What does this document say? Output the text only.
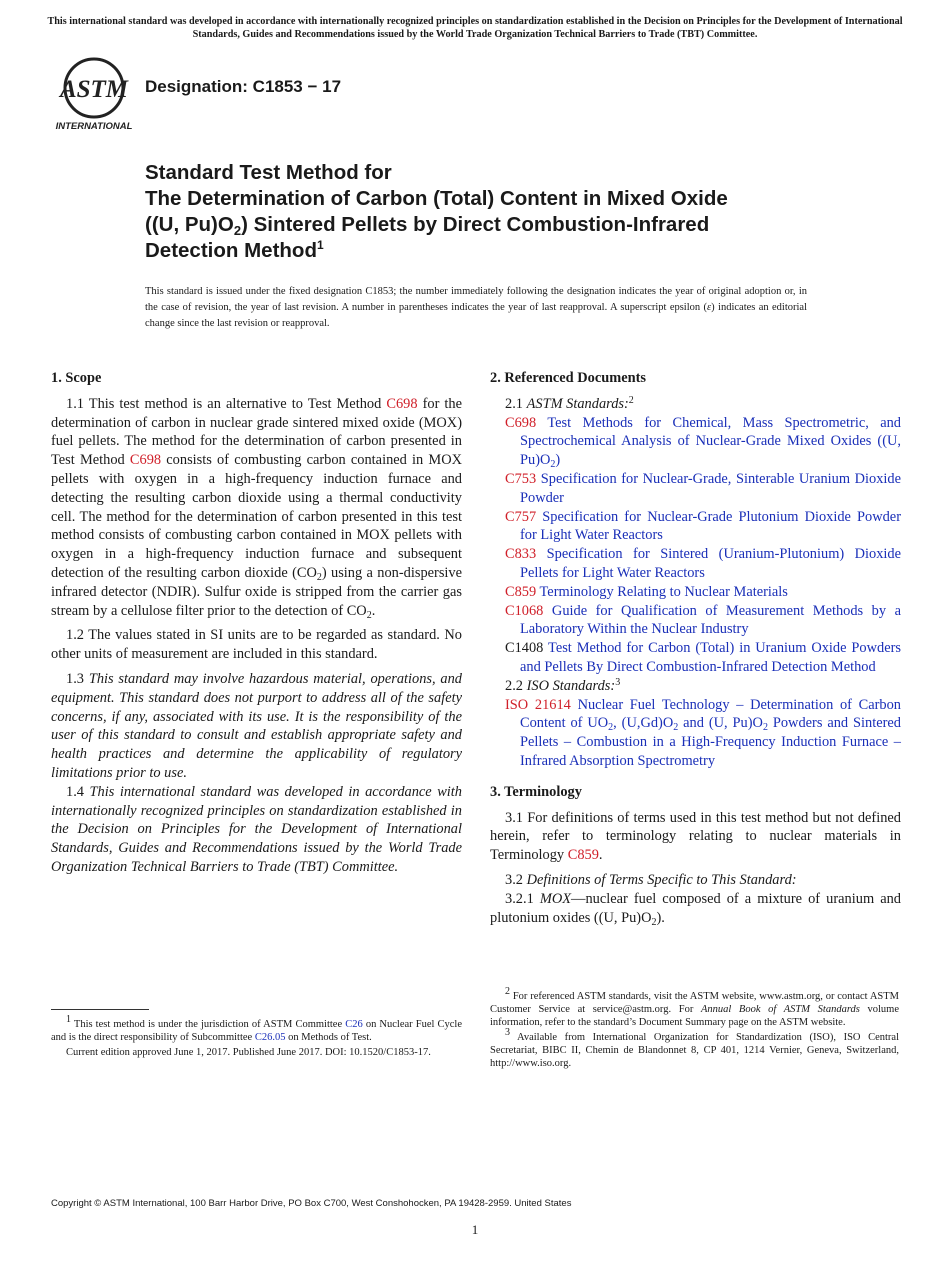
This international standard was developed in accordance with internationally recognized principles on standardization established in the Decision on Principles for the Development of International Standards, Guides and Recommendations issued by the World Trade Organization Technical Barriers to Trade (TBT) Committee.
ASTM
INTERNATIONAL
Designation: C1853 − 17
Standard Test Method for
The Determination of Carbon (Total) Content in Mixed Oxide
((U, $Pu)O_2$) Sintered Pellets by Direct Combustion-Infrared
Detection Method$^1$
This standard is issued under the fixed designation C1853; the number immediately following the designation indicates the year of original adoption or, in the case of revision, the year of last revision. A number in parentheses indicates the year of last reapproval. A superscript epsilon (ε) indicates an editorial change since the last revision or reapproval.
1. Scope

1.1 This test method is an alternative to Test Method C698 for the determination of carbon in nuclear grade sintered mixed oxide (MOX) fuel pellets. The method for the determination of carbon presented in Test Method C698 consists of combusting carbon contained in MOX pellets with oxygen in a high-frequency induction furnace and detecting the resulting carbon dioxide using a thermal conductivity cell. The method for the determination of carbon presented in this test method consists of combusting carbon contained in MOX pellets with oxygen in a high-frequency induction furnace and subsequent detection of the resulting carbon dioxide $(CO_2)$ using a non-dispersive infrared detector (NDIR). Sulfur oxide is stripped from the carrier gas stream by a cellulose filter prior to the detection of $CO_2$.

1.2 The values stated in SI units are to be regarded as standard. No other units of measurement are included in this standard.

1.3 This standard may involve hazardous material, operations, and equipment. This standard does not purport to address all of the safety concerns, if any, associated with its use. It is the responsibility of the user of this standard to consult and establish appropriate safety and health practices and determine the applicability of regulatory limitations prior to use.

1.4 This international standard was developed in accordance with internationally recognized principles on standardization established in the Decision on Principles for the Development of International Standards, Guides and Recommendations issued by the World Trade Organization Technical Barriers to Trade (TBT) Committee.

2. Referenced Documents

2.1 ASTM Standards:$^2$

C698 Test Methods for Chemical, Mass Spectrometric, and Spectrochemical Analysis of Nuclear-Grade Mixed Oxides ((U, $Pu)O_2$)
C753 Specification for Nuclear-Grade, Sinterable Uranium Dioxide Powder
C757 Specification for Nuclear-Grade Plutonium Dioxide Powder for Light Water Reactors
C833 Specification for Sintered (Uranium-Plutonium) Dioxide Pellets for Light Water Reactors
C859 Terminology Relating to Nuclear Materials
C1068 Guide for Qualification of Measurement Methods by a Laboratory Within the Nuclear Industry
C1408 Test Method for Carbon (Total) in Uranium Oxide Powders and Pellets By Direct Combustion-Infrared Detection Method

2.2 ISO Standards:$^3$

ISO 21614 Nuclear Fuel Technology – Determination of Carbon Content of $UO_2$, $(U,Gd)O_2$ and (U, $Pu)O_2$ Powders and Sintered Pellets – Combustion in a High-Frequency Induction Furnace – Infrared Absorption Spectrometry
3. Terminology

3.1 For definitions of terms used in this test method but not defined herein, refer to terminology relating to nuclear materials in Terminology C859.

3.2 Definitions of Terms Specific to This Standard:

3.2.1 MOX—nuclear fuel composed of a mixture of uranium and plutonium oxides ((U, $Pu)O_2$).

$^1$ This test method is under the jurisdiction of ASTM Committee C26 on Nuclear Fuel Cycle and is the direct responsibility of Subcommittee C26.05 on Methods of Test.

Current edition approved June 1, 2017. Published June 2017. DOI: 10.1520/C1853-17.

$^2$ For referenced ASTM standards, visit the ASTM website, www.astm.org, or contact ASTM Customer Service at service@astm.org. For Annual Book of ASTM Standards volume information, refer to the standard’s Document Summary page on the ASTM website.

$^3$ Available from International Organization for Standardization (ISO), ISO Central Secretariat, BIBC II, Chemin de Blandonnet 8, CP 401, 1214 Vernier, Geneva, Switzerland, http://www.iso.org.

Copyright © ASTM International, 100 Barr Harbor Drive, PO Box C700, West Conshohocken, PA 19428-2959. United States
1
